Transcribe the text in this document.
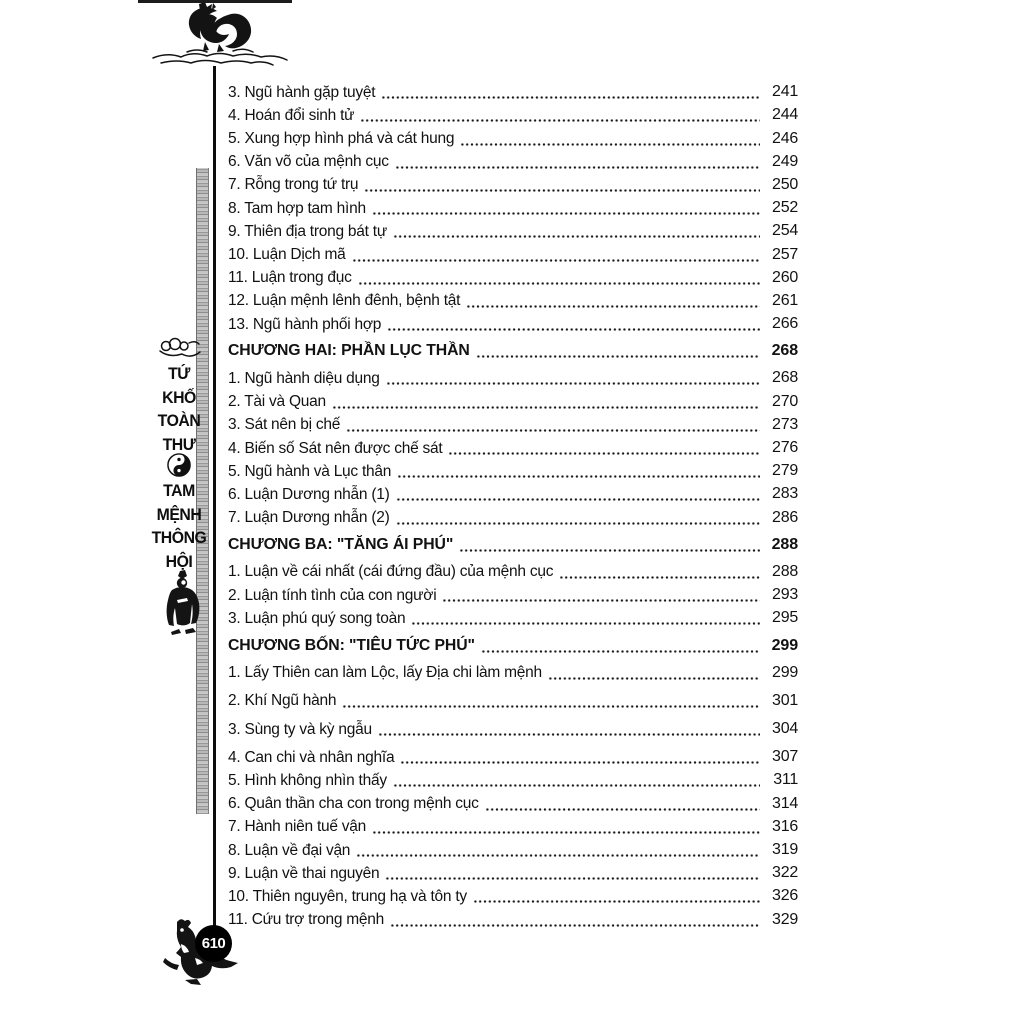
TỨ
KHỐ
TOÀN
THƯ
TAM
MỆNH
THÔNG
HỘI
610
3. Ngũ hành gặp tuyệt	241
4. Hoán đổi sinh tử	244
5. Xung hợp hình phá và cát hung	246
6. Văn võ của mệnh cục	249
7. Rỗng trong tứ trụ	250
8. Tam hợp tam hình	252
9. Thiên địa trong bát tự	254
10. Luận Dịch mã	257
11. Luận trong đục	260
12. Luận mệnh lênh đênh, bệnh tật	261
13. Ngũ hành phối hợp	266
CHƯƠNG HAI: PHẦN LỤC THẦN	268
1. Ngũ hành diệu dụng	268
2. Tài và Quan	270
3. Sát nên bị chế	273
4. Biến số Sát nên được chế sát	276
5. Ngũ hành và Lục thân	279
6. Luận Dương nhẫn (1)	283
7. Luận Dương nhẫn (2)	286
CHƯƠNG BA: "TĂNG ÁI PHÚ"	288
1. Luận về cái nhất (cái đứng đầu) của mệnh cục	288
2. Luận tính tình của con người	293
3. Luận phú quý song toàn	295
CHƯƠNG BỐN: "TIÊU TỨC PHÚ"	299
1. Lấy Thiên can làm Lộc, lấy Địa chi làm mệnh	299
2. Khí Ngũ hành	301
3. Sùng ty và kỳ ngẫu	304
4. Can chi và nhân nghĩa	307
5. Hình không nhìn thấy	311
6. Quân thần cha con trong mệnh cục	314
7. Hành niên tuế vận	316
8. Luận về đại vận	319
9. Luận về thai nguyên	322
10. Thiên nguyên, trung hạ và tôn ty	326
11. Cứu trợ trong mệnh	329
